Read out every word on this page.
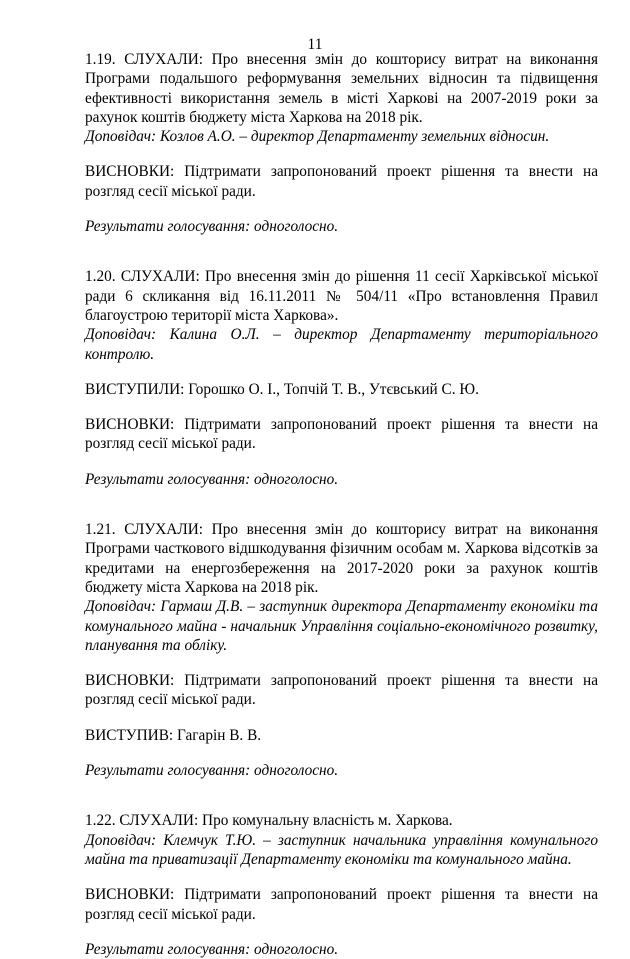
11

1.19. СЛУХАЛИ: Про внесення змін до кошторису витрат на виконання Програми подальшого реформування земельних відносин та підвищення ефективності використання земель в місті Харкові на 2007-2019 роки за рахунок коштів бюджету міста Харкова на 2018 рік.

Доповідач: Козлов А.О. – директор Департаменту земельних відносин.

ВИСНОВКИ: Підтримати запропонований проект рішення та внести на розгляд сесії міської ради.

Результати голосування: одноголосно.

1.20. СЛУХАЛИ: Про внесення змін до рішення 11 сесії Харківської міської ради 6 скликання від 16.11.2011 № 504/11 «Про встановлення Правил благоустрою території міста Харкова».

Доповідач: Калина О.Л. – директор Департаменту територіального контролю.

ВИСТУПИЛИ: Горошко О. І., Топчій Т. В., Утєвський С. Ю.

ВИСНОВКИ: Підтримати запропонований проект рішення та внести на розгляд сесії міської ради.

Результати голосування: одноголосно.

1.21. СЛУХАЛИ: Про внесення змін до кошторису витрат на виконання Програми часткового відшкодування фізичним особам м. Харкова відсотків за кредитами на енергозбереження на 2017-2020 роки за рахунок коштів бюджету міста Харкова на 2018 рік.

Доповідач: Гармаш Д.В. – заступник директора Департаменту економіки та комунального майна - начальник Управління соціально-економічного розвитку, планування та обліку.

ВИСНОВКИ: Підтримати запропонований проект рішення та внести на розгляд сесії міської ради.

ВИСТУПИВ: Гагарін В. В.

Результати голосування: одноголосно.

1.22. СЛУХАЛИ: Про комунальну власність м. Харкова.

Доповідач: Клемчук Т.Ю. – заступник начальника управління комунального майна та приватизації Департаменту економіки та комунального майна.

ВИСНОВКИ: Підтримати запропонований проект рішення та внести на розгляд сесії міської ради.

Результати голосування: одноголосно.
